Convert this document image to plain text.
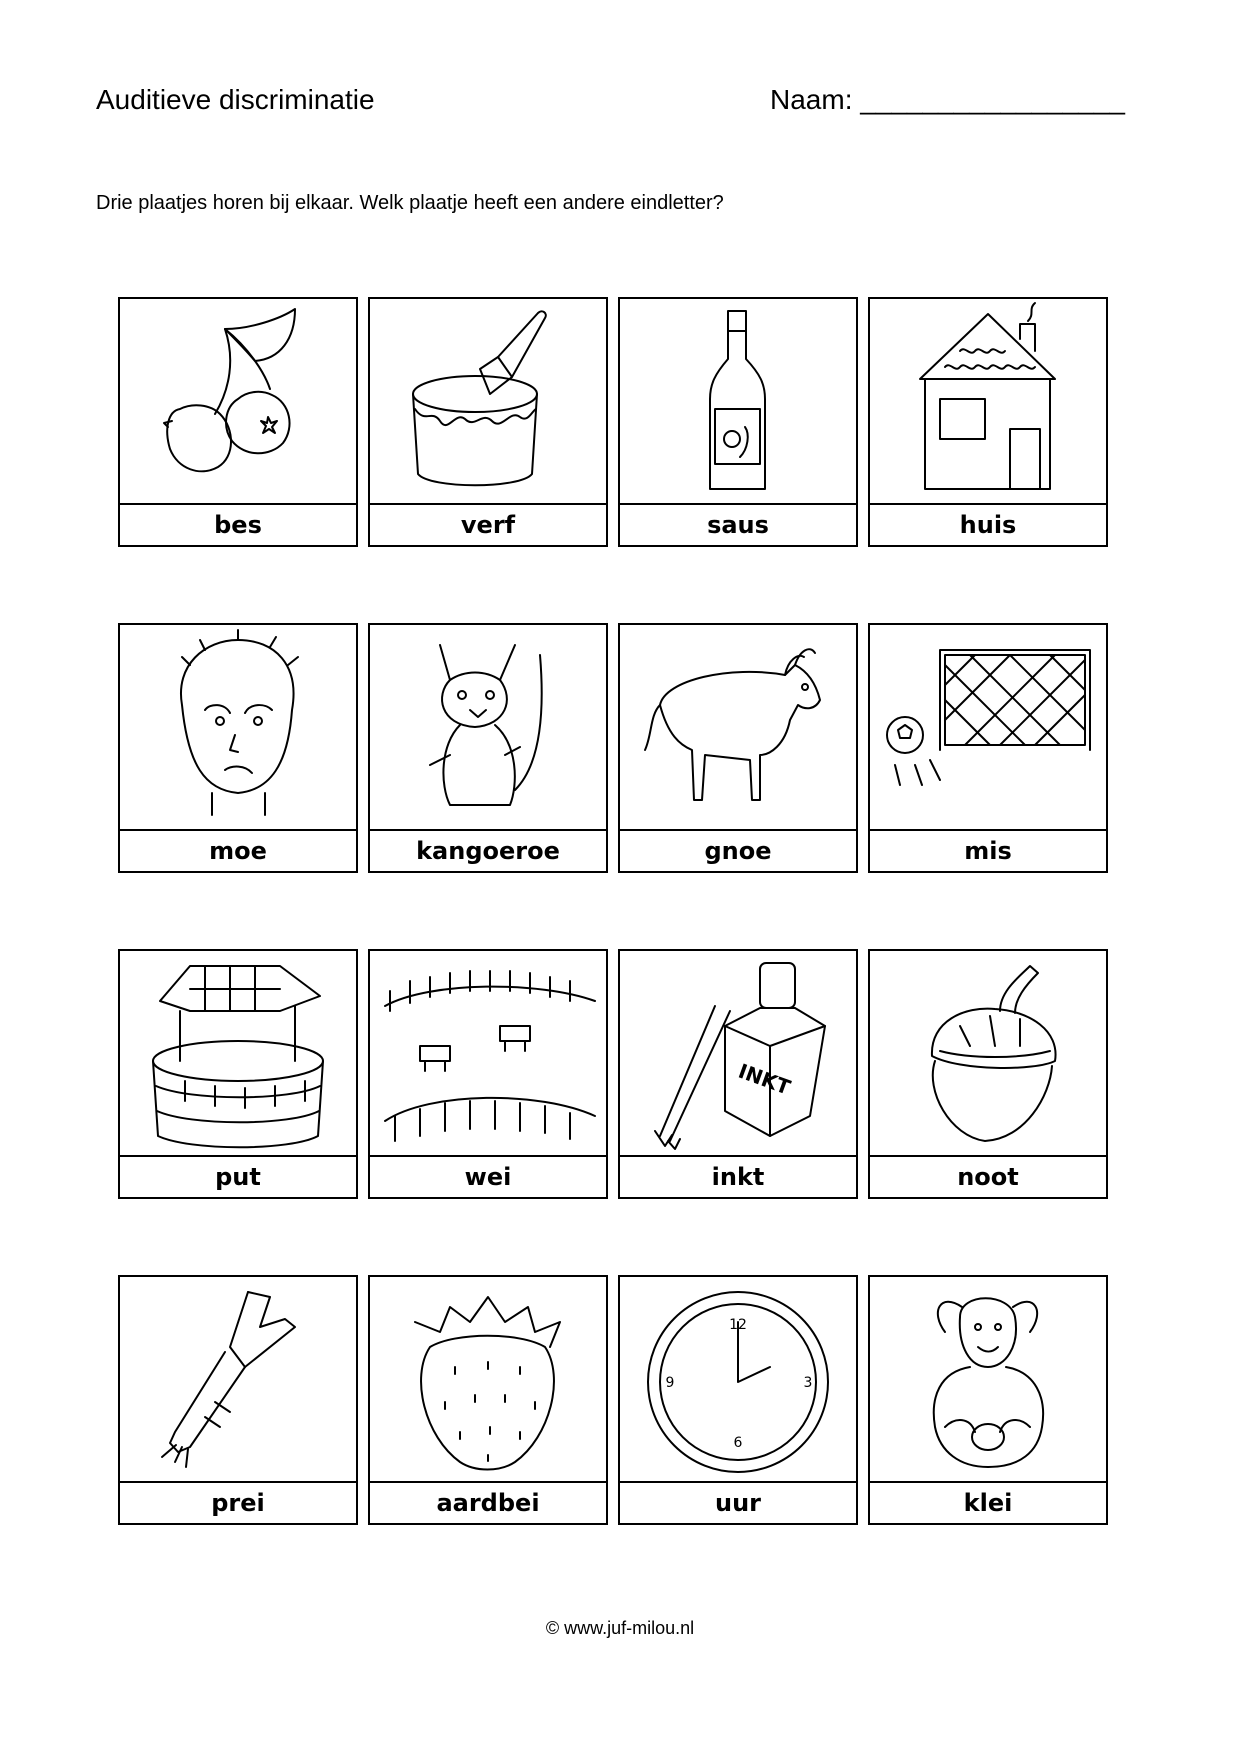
Auditieve discriminatie	Naam: _________________
Drie plaatjes horen bij elkaar. Welk plaatje heeft een andere eindletter?
bes	verf	saus	huis
moe	kangoeroe	gnoe	mis
put	wei
INKT
inkt	noot
prei	aardbei
12
3
6
9
uur	klei
© www.juf-milou.nl
